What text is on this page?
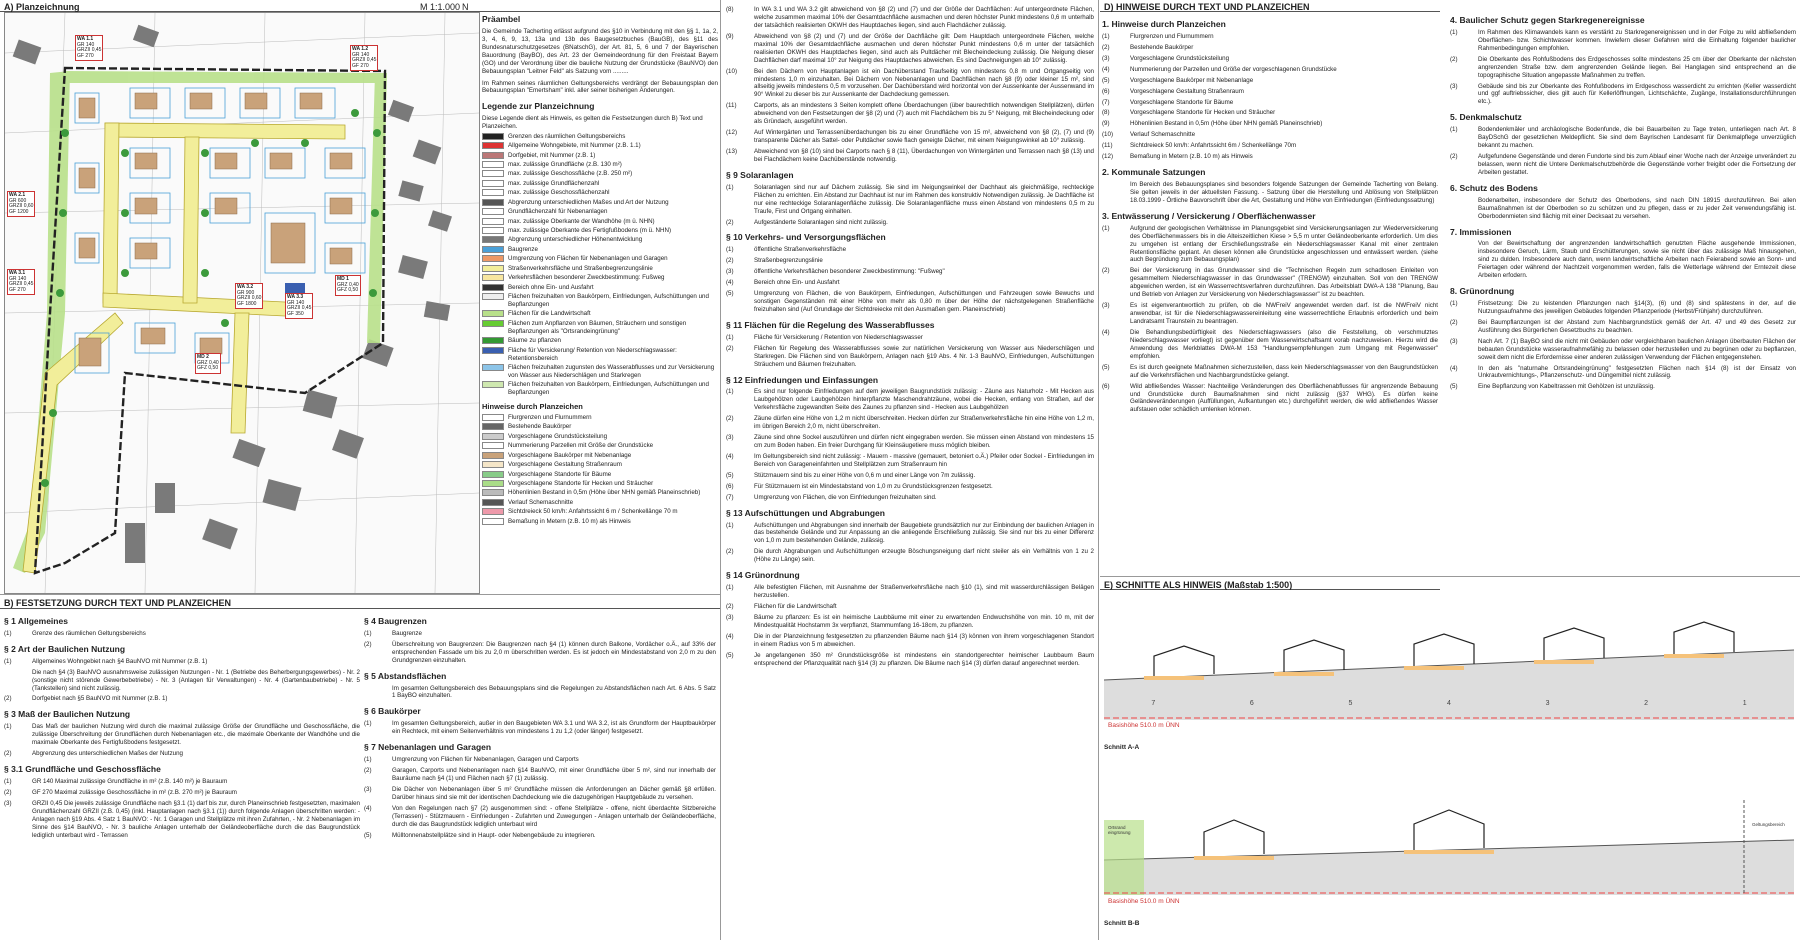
A) Planzeichnung	M 1:1.000 N
WA 1.1
GR 140
GRZII 0,45
GF 270
WA 1.2
GR 140
GRZII 0,45
GF 270
WA 2.1
GR 600
GRZII 0,60
GF 1200
WA 3.1
GR 140
GRZII 0,45
GF 270	WA 3.2
GR 900
GRZII 0,60
GF 1800
WA 3.3
GR 140
GRZII 0,45
GF 350
MD 1
GRZ 0,40
GFZ 0,50
MD 2
GRZ 0,40
GFZ 0,50
Präambel
Die Gemeinde Tacherting erlässt aufgrund des §10 in Verbindung mit den §§ 1, 1a, 2, 3, 4, 6, 9, 13, 13a und 13b des Baugesetzbuches (BauGB), des §11 des Bundesnaturschutzgesetzes (BNatschG), der Art. 81, 5, 6 und 7 der Bayerischen Bauordnung (BayBO), des Art. 23 der Gemeindeordnung für den Freistaat Bayern (GO) und der Verordnung über die bauliche Nutzung der Grundstücke (BauNVO) den Bebauungsplan "Leitner Feld" als Satzung vom .........
Im Rahmen seines räumlichen Geltungsbereichs verdrängt der Bebauungsplan den Bebauungsplan "Emertsham" inkl. aller seiner bisherigen Änderungen.
Legende zur Planzeichnung
Diese Legende dient als Hinweis, es gelten die Festsetzungen durch B) Text und Planzeichen.
Grenzen des räumlichen Geltungsbereichs
Allgemeine Wohngebiete, mit Nummer (z.B. 1.1)
Dorfgebiet, mit Nummer (z.B. 1)
max. zulässige Grundfläche (z.B. 130 m²)
max. zulässige Geschossfläche (z.B. 250 m²)
max. zulässige Grundflächenzahl
max. zulässige Geschossflächenzahl
Abgrenzung unterschiedlichen Maßes und Art der Nutzung
Grundflächenzahl für Nebenanlagen
max. zulässige Oberkante der Wandhöhe (m ü. NHN)
max. zulässige Oberkante des Fertigfußbodens (m ü. NHN)
Abgrenzung unterschiedlicher Höhenentwicklung
Baugrenze
Umgrenzung von Flächen für Nebenanlagen und Garagen
Straßenverkehrsfläche und Straßenbegrenzungslinie
Verkehrsflächen besonderer Zweckbestimmung: Fußweg
Bereich ohne Ein- und Ausfahrt
Flächen freizuhalten von Baukörpern, Einfriedungen, Aufschüttungen und Bepflanzungen
Flächen für die Landwirtschaft
Flächen zum Anpflanzen von Bäumen, Sträuchern und sonstigen Bepflanzungen als "Ortsrandeingrünung"
Bäume zu pflanzen
Fläche für Versickerung/ Retention von Niederschlagswasser: Retentionsbereich
Flächen freizuhalten zugunsten des Wasserabflusses und zur Versickerung von Wasser aus Niederschlägen und Starkregen
Flächen freizuhalten von Baukörpern, Einfriedungen, Aufschüttungen und Bepflanzungen
Hinweise durch Planzeichen
Flurgrenzen und Flurnummern
Bestehende Baukörper
Vorgeschlagene Grundstücksteilung
Nummerierung Parzellen mit Größe der Grundstücke
Vorgeschlagene Baukörper mit Nebenanlage
Vorgeschlagene Gestaltung Straßenraum
Vorgeschlagene Standorte für Bäume
Vorgeschlagene Standorte für Hecken und Sträucher
Höhenlinien Bestand in 0,5m (Höhe über NHN gemäß Planeinschrieb)
Verlauf Schemaschnitte
Sichtdreieck 50 km/h: Anfahrtssicht 6 m / Schenkellänge 70 m
Bemaßung in Metern (z.B. 10 m) als Hinweis
B) FESTSETZUNG DURCH TEXT UND PLANZEICHEN
§ 1 Allgemeines
(1)	Grenze des räumlichen Geltungsbereichs
§ 2 Art der Baulichen Nutzung
(1)	Allgemeines Wohngebiet nach §4 BauNVO mit Nummer (z.B. 1)
Die nach §4 (3) BauNVO ausnahmsweise zulässigen Nutzungen - Nr. 1 (Betriebe des Beherbergungsgewerbes) - Nr. 2 (sonstige nicht störende Gewerbebetriebe) - Nr. 3 (Anlagen für Verwaltungen) - Nr. 4 (Gartenbaubetriebe) - Nr. 5 (Tankstellen) sind nicht zulässig.
(2)	Dorfgebiet nach §5 BauNVO mit Nummer (z.B. 1)
§ 3 Maß der Baulichen Nutzung
(1)	Das Maß der baulichen Nutzung wird durch die maximal zulässige Größe der Grundfläche und Geschossfläche, die zulässige Überschreitung der Grundflächen durch Nebenanlagen etc., die maximale Oberkante der Wandhöhe und die maximale Oberkante des Fertigfußbodens festgesetzt.
(2)	Abgrenzung des unterschiedlichen Maßes der Nutzung
§ 3.1 Grundfläche und Geschossfläche
(1)	GR 140 Maximal zulässige Grundfläche in m² (z.B. 140 m²) je Bauraum
(2)	GF 270 Maximal zulässige Geschossfläche in m² (z.B. 270 m²) je Bauraum
(3)	GRZII 0,45 Die jeweils zulässige Grundfläche nach §3.1 (1) darf bis zur, durch Planeinschrieb festgesetzten, maximalen Grundflächenzahl GRZII (z.B. 0,45) (inkl. Hauptanlagen nach §3.1 (1)) durch folgende Anlagen überschritten werden: - Anlagen nach §19 Abs. 4 Satz 1 BauNVO: - Nr. 1 Garagen und Stellplätze mit ihren Zufahrten, - Nr. 2 Nebenanlagen im Sinne des §14 BauNVO, - Nr. 3 bauliche Anlagen unterhalb der Geländeoberfläche durch die das Baugrundstück lediglich unterbaut wird - Terrassen
§ 4 Baugrenzen
(1)	Baugrenze
(2)	Überschreitung von Baugrenzen: Die Baugrenzen nach §4 (1) können durch Balkone, Vordächer o.Ä., auf 33% der entsprechenden Fassade um bis zu 2,0 m überschritten werden. Es ist jedoch ein Mindestabstand von 2,0 m zu den Grundgrenzen einzuhalten.
§ 5 Abstandsflächen
Im gesamten Geltungsbereich des Bebauungsplans sind die Regelungen zu Abstandsflächen nach Art. 6 Abs. 5 Satz 1 BayBO einzuhalten.
§ 6 Baukörper
(1)	Im gesamten Geltungsbereich, außer in den Baugebieten WA 3.1 und WA 3.2, ist als Grundform der Hauptbaukörper ein Rechteck, mit einem Seitenverhältnis von mindestens 1 zu 1,2 (oder länger) festgesetzt.
§ 7 Nebenanlagen und Garagen
(1)	Umgrenzung von Flächen für Nebenanlagen, Garagen und Carports
(2)	Garagen, Carports und Nebenanlagen nach §14 BauNVO, mit einer Grundfläche über 5 m², sind nur innerhalb der Bauräume nach §4 (1) und Flächen nach §7 (1) zulässig.
(3)	Die Dächer von Nebenanlagen über 5 m² Grundfläche müssen die Anforderungen an Dächer gemäß §8 erfüllen. Darüber hinaus sind sie mit der identischen Dachdeckung wie die dazugehörigen Hauptgebäude zu versehen.
(4)	Von den Regelungen nach §7 (2) ausgenommen sind: - offene Stellplätze - offene, nicht überdachte Sitzbereiche (Terrassen) - Stützmauern - Einfriedungen - Zufahrten und Zuwegungen - Anlagen unterhalb der Geländeoberfläche, durch die das Baugrundstück lediglich unterbaut wird
(5)	Mülltonnenabstellplätze sind in Haupt- oder Nebengebäude zu integrieren.
(8)	In WA 3.1 und WA 3.2 gilt abweichend von §8 (2) und (7) und der Größe der Dachflächen: Auf untergeordnete Flächen, welche zusammen maximal 10% der Gesamtdachfläche ausmachen und deren höchster Punkt mindestens 0,6 m unterhalb der tatsächlich realisierten OKWH des Hauptdaches liegen, sind auch Flachdächer zulässig.
(9)	Abweichend von §8 (2) und (7) und der Größe der Dachfläche gilt: Dem Hauptdach untergeordnete Flächen, welche maximal 10% der Gesamtdachfläche ausmachen und deren höchster Punkt mindestens 0,6 m unter der tatsächlich realisierten OKWH des Hauptdaches liegen, sind auch als Pultdächer mit Blecheindeckung zulässig. Die Neigung dieser Dachflächen darf maximal 10° zur Neigung des Hauptdaches abweichen. Es sind Dachneigungen ab 10° zulässig.
(10)	Bei den Dächern von Hauptanlagen ist ein Dachüberstand Traufseitig von mindestens 0,8 m und Ortgangseitig von mindestens 1,0 m einzuhalten. Bei Dächern von Nebenanlagen und Dachflächen nach §8 (9) oder kleiner 15 m², sind allseitig jeweils mindestens 0,5 m vorzusehen. Der Dachüberstand wird horizontal von der Aussenkante der Aussenwand im 90° Winkel zu dieser bis zur Aussenkante der Dachdeckung gemessen.
(11)	Carports, als an mindestens 3 Seiten komplett offene Überdachungen (über baurechtlich notwendigen Stellplätzen), dürfen abweichend von den Festsetzungen der §8 (2) und (7) auch mit Flachdächern bis zu 5° Neigung, mit Blecheindeckung oder als Gründach, ausgeführt werden.
(12)	Auf Wintergärten und Terrassenüberdachungen bis zu einer Grundfläche von 15 m², abweichend von §8 (2), (7) und (9) transparente Dächer als Sattel- oder Pultdächer sowie flach geneigte Dächer, mit einem Neigungswinkel ab 10° zulässig.
(13)	Abweichend von §8 (10) sind bei Carports nach § 8 (11), Überdachungen von Wintergärten und Terrassen nach §8 (13) und bei Flachdächern keine Dachüberstände notwendig.
§ 9 Solaranlagen
(1)	Solaranlagen sind nur auf Dächern zulässig. Sie sind im Neigungswinkel der Dachhaut als gleichmäßige, rechteckige Flächen zu errichten. Ein Abstand zur Dachhaut ist nur im Rahmen des konstruktiv Notwendigen zulässig. Je Dachfläche ist nur eine rechteckige Solaranlagenfläche zulässig. Die Solaranlagenfläche muss einen Abstand von mindestens 0,5 m zu Traufe, First und Ortgang einhalten.
(2)	Aufgeständerte Solaranlagen sind nicht zulässig.
§ 10 Verkehrs- und Versorgungsflächen
(1)	öffentliche Straßenverkehrsfläche
(2)	Straßenbegrenzungslinie
(3)	öffentliche Verkehrsflächen besonderer Zweckbestimmung: "Fußweg"
(4)	Bereich ohne Ein- und Ausfahrt
(5)	Umgrenzung von Flächen, die von Baukörpern, Einfriedungen, Aufschüttungen und Fahrzeugen sowie Bewuchs und sonstigen Gegenständen mit einer Höhe von mehr als 0,80 m über der Höhe der nächstgelegenen Straßenfläche freizuhalten sind (Auf Grundlage der Sichtdreiecke mit den Ausmaßen gem. Planeinschrieb)
§ 11 Flächen für die Regelung des Wasserabflusses
(1)	Fläche für Versickerung / Retention von Niederschlagswasser
(2)	Flächen für Regelung des Wasserabflusses sowie zur natürlichen Versickerung von Wasser aus Niederschlägen und Starkregen. Die Flächen sind von Baukörpern, Anlagen nach §19 Abs. 4 Nr. 1-3 BauNVO, Einfriedungen, Aufschüttungen Sträuchern und Bäumen freizuhalten.
§ 12 Einfriedungen und Einfassungen
(1)	Es sind nur folgende Einfriedungen auf dem jeweiligen Baugrundstück zulässig: - Zäune aus Naturholz - Mit Hecken aus Laubgehölzen oder Laubgehölzen hinterpflanzte Maschendrahtzäune, wobei die Hecken, entlang von Straßen, auf der Verkehrsfläche zugewandten Seite des Zaunes zu pflanzen sind - Hecken aus Laubgehölzen
(2)	Zäune dürfen eine Höhe von 1,2 m nicht überschreiten. Hecken dürfen zur Straßenverkehrsfläche hin eine Höhe von 1,2 m, im übrigen Bereich 2,0 m, nicht überschreiten.
(3)	Zäune sind ohne Sockel auszuführen und dürfen nicht eingegraben werden. Sie müssen einen Abstand von mindestens 15 cm zum Boden haben. Ein freier Durchgang für Kleinsäugetiere muss möglich bleiben.
(4)	Im Geltungsbereich sind nicht zulässig: - Mauern - massive (gemauert, betoniert o.Ä.) Pfeiler oder Sockel - Einfriedungen im Bereich von Garageneinfahrten und Stellplätzen zum Straßenraum hin
(5)	Stützmauern sind bis zu einer Höhe von 0,6 m und einer Länge von 7m zulässig.
(6)	Für Stützmauern ist ein Mindestabstand von 1,0 m zu Grundstücksgrenzen festgesetzt.
(7)	Umgrenzung von Flächen, die von Einfriedungen freizuhalten sind.
§ 13 Aufschüttungen und Abgrabungen
(1)	Aufschüttungen und Abgrabungen sind innerhalb der Baugebiete grundsätzlich nur zur Einbindung der baulichen Anlagen in das bestehende Gelände und zur Anpassung an die anliegende Erschließung zulässig. Sie sind nur bis zu einer Differenz von 1,0 m zum bestehenden Gelände, zulässig.
(2)	Die durch Abgrabungen und Aufschüttungen erzeugte Böschungsneigung darf nicht steiler als ein Verhältnis von 1 zu 2 (Höhe zu Länge) sein.
§ 14 Grünordnung
(1)	Alle befestigten Flächen, mit Ausnahme der Straßenverkehrsfläche nach §10 (1), sind mit wasserdurchlässigen Belägen herzustellen.
(2)	Flächen für die Landwirtschaft
(3)	Bäume zu pflanzen: Es ist ein heimische Laubbäume mit einer zu erwartenden Endwuchshöhe von min. 10 m, mit der Mindestqualität Hochstamm 3x verpflanzt, Stammumfang 16-18cm, zu pflanzen.
(4)	Die in der Planzeichnung festgesetzten zu pflanzenden Bäume nach §14 (3) können von ihrem vorgeschlagenen Standort in einem Radius von 5 m abweichen.
(5)	Je angefangenen 350 m² Grundstücksgröße ist mindestens ein standortgerechter heimischer Laubbaum Baum entsprechend der Pflanzqualität nach §14 (3) zu pflanzen. Die Bäume nach §14 (3) dürfen darauf angerechnet werden.
D) HINWEISE DURCH TEXT UND PLANZEICHEN
1. Hinweise durch Planzeichen
(1)	Flurgrenzen und Flurnummern
(2)	Bestehende Baukörper
(3)	Vorgeschlagene Grundstücksteilung
(4)	Nummerierung der Parzellen und Größe der vorgeschlagenen Grundstücke
(5)	Vorgeschlagene Baukörper mit Nebenanlage
(6)	Vorgeschlagene Gestaltung Straßenraum
(7)	Vorgeschlagene Standorte für Bäume
(8)	Vorgeschlagene Standorte für Hecken und Sträucher
(9)	Höhenlinien Bestand in 0,5m (Höhe über NHN gemäß Planeinschrieb)
(10)	Verlauf Schemaschnitte
(11)	Sichtdreieck 50 km/h: Anfahrtssicht 6m / Schenkellänge 70m
(12)	Bemaßung in Metern (z.B. 10 m) als Hinweis
2. Kommunale Satzungen
Im Bereich des Bebauungsplanes sind besonders folgende Satzungen der Gemeinde Tacherting von Belang. Sie gelten jeweils in der aktuellsten Fassung. - Satzung über die Herstellung und Ablösung von Stellplätzen 18.03.1999 - Örtliche Bauvorschrift über die Art, Gestaltung und Höhe von Einfriedungen (Einfriedungssatzung)
3. Entwässerung / Versickerung / Oberflächenwasser
(1)	Aufgrund der geologischen Verhältnisse im Planungsgebiet sind Versickerungsanlagen zur Wiederversickerung des Oberflächenwassers bis in die Alteiszeitlichen Kiese > 5,5 m unter Geländeoberkante erforderlich. Um dies zu umgehen ist entlang der Erschließungsstraße ein Niederschlagswasser Kanal mit einer zentralen Retentionsfläche geplant. An diesen können alle Grundstücke angeschlossen und entwässert werden. (siehe auch Begründung zum Bebauungsplan)
(2)	Bei der Versickerung in das Grundwasser sind die "Technischen Regeln zum schadlosen Einleiten von gesammeltem Niederschlagswasser in das Grundwasser" (TRENGW) einzuhalten. Soll von den TRENGW abgewichen werden, ist ein Wasserrechtsverfahren durchzuführen. Das Arbeitsblatt DWA-A 138 "Planung, Bau und Betrieb von Anlagen zur Versickerung von Niederschlagswasser" ist zu beachten.
(3)	Es ist eigenverantwortlich zu prüfen, ob die NWFreiV angewendet werden darf. Ist die NWFreiV nicht anwendbar, ist für die Niederschlagswassereinleitung eine wasserrechtliche Erlaubnis erforderlich und beim Landratsamt Traunstein zu beantragen.
(4)	Die Behandlungsbedürftigkeit des Niederschlagswassers (also die Feststellung, ob verschmutztes Niederschlagswasser vorliegt) ist gegenüber dem Wasserwirtschaftsamt vorab nachzuweisen. Hierzu wird die Anwendung des Merkblattes DWA-M 153 "Handlungsempfehlungen zum Umgang mit Regenwasser" empfohlen.
(5)	Es ist durch geeignete Maßnahmen sicherzustellen, dass kein Niederschlagswasser von den Baugrundstücken auf die Verkehrsflächen und Nachbargrundstücke gelangt.
(6)	Wild abfließendes Wasser: Nachteilige Veränderungen des Oberflächenabflusses für angrenzende Bebauung und Grundstücke durch Baumaßnahmen sind nicht zulässig (§37 WHG). Es dürfen keine Geländeveränderungen (Auffüllungen, Aufkantungen etc.) durchgeführt werden, die wild abfließendes Wasser aufstauen oder schädlich umlenken können.
4. Baulicher Schutz gegen Starkregenereignisse
(1)	Im Rahmen des Klimawandels kann es verstärkt zu Starkregenereignissen und in der Folge zu wild abfließendem Oberflächen- bzw. Schichtwasser kommen. Inwiefern dieser Gefahren wird die Einhaltung folgender baulicher Rahmenbedingungen empfohlen.
(2)	Die Oberkante des Rohfußbodens des Erdgeschosses sollte mindestens 25 cm über der Oberkante der nächsten angrenzenden Straße bzw. dem angrenzenden Gelände liegen. Bei Hanglagen sind entsprechend an die topographische Situation angepasste Maßnahmen zu treffen.
(3)	Gebäude sind bis zur Oberkante des Rohfußbodens im Erdgeschoss wasserdicht zu errichten (Keller wasserdicht und ggf auftriebssicher, dies gilt auch für Kellerlöffnungen, Lichtschächte, Zugänge, Installationsdurchführungen etc.).
5. Denkmalschutz
(1)	Bodendenkmäler und archäologische Bodenfunde, die bei Bauarbeiten zu Tage treten, unterliegen nach Art. 8 BayDSchG der gesetzlichen Meldepflicht. Sie sind dem Bayrischen Landesamt für Denkmalpflege unverzüglich bekannt zu machen.
(2)	Aufgefundene Gegenstände und deren Fundorte sind bis zum Ablauf einer Woche nach der Anzeige unverändert zu belassen, wenn nicht die Untere Denkmalschutzbehörde die Gegenstände vorher freigibt oder die Fortsetzung der Arbeiten gestattet.
6. Schutz des Bodens
Bodenarbeiten, insbesondere der Schutz des Oberbodens, sind nach DIN 18915 durchzuführen. Bei allen Baumaßnahmen ist der Oberboden so zu schützen und zu pflegen, dass er zu jeder Zeit verwendungsfähig ist. Oberbodenmieten sind flächig mit einer Decksaat zu versehen.
7. Immissionen
Von der Bewirtschaftung der angrenzenden landwirtschaftlich genutzten Fläche ausgehende Immissionen, insbesondere Geruch, Lärm, Staub und Erschütterungen, sowie sie nicht über das zulässige Maß hinausgehen, sind zu dulden. Insbesondere auch dann, wenn landwirtschaftliche Arbeiten nach Feierabend sowie an Sonn- und Feiertagen oder während der Nachtzeit vorgenommen werden, falls die Wetterlage während der Erntezeit diese Arbeiten erfodern.
8. Grünordnung
(1)	Fristsetzung: Die zu leistenden Pflanzungen nach §14(3), (6) und (8) sind spätestens in der, auf die Nutzungsaufnahme des jeweiligen Gebäudes folgenden Pflanzperiode (Herbst/Frühjahr) durchzuführen.
(2)	Bei Baumpflanzungen ist der Abstand zum Nachbargrundstück gemäß der Art. 47 und 49 des Gesetz zur Ausführung des Bürgerlichen Gesetzbuchs zu beachten.
(3)	Nach Art. 7 (1) BayBO sind die nicht mit Gebäuden oder vergleichbaren baulichen Anlagen überbauten Flächen der bebauten Grundstücke wasseraufnahmefähig zu belassen oder herzustellen und zu begrünen oder zu bepflanzen, soweit dem nicht die Erfordernisse einer anderen zulässigen Verwendung der Flächen entgegenstehen.
(4)	In den als "naturnahe Ortsrandeingrünung" festgesetzten Flächen nach §14 (8) ist der Einsatz von Unkrautvernichtungs-, Pflanzenschutz- und Düngemittel nicht zulässig.
(5)	Eine Bepflanzung von Kabeltrassen mit Gehölzen ist unzulässig.
E) SCHNITTE ALS HINWEIS (Maßstab 1:500)
7	6	5	4	3	2	1
Basishöhe 510.0 m ÜNN
Schnitt A-A
Ortsrand eingrünung
Geltungsbereich
Basishöhe 510.0 m ÜNN
Schnitt B-B
